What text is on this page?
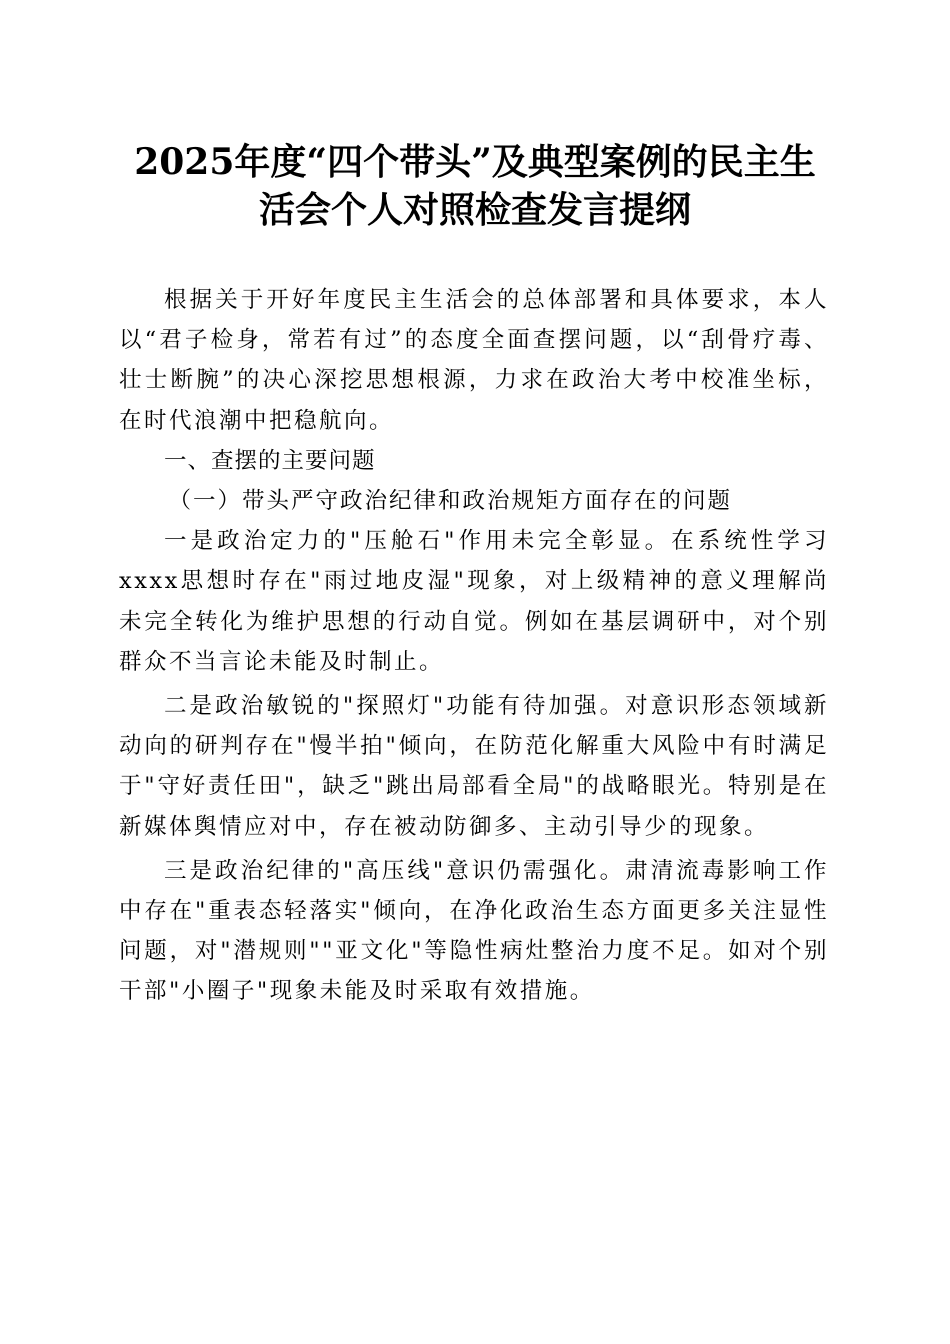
2025年度“四个带头”及典型案例的民主生
活会个人对照检查发言提纲

根据关于开好年度民主生活会的总体部署和具体要求，本人以“君子检身，常若有过”的态度全面查摆问题，以“刮骨疗毒、壮士断腕”的决心深挖思想根源，力求在政治大考中校准坐标，在时代浪潮中把稳航向。

一、查摆的主要问题

（一）带头严守政治纪律和政治规矩方面存在的问题

一是政治定力的"压舱石"作用未完全彰显。在系统性学习xxxx思想时存在"雨过地皮湿"现象，对上级精神的意义理解尚未完全转化为维护思想的行动自觉。例如在基层调研中，对个别群众不当言论未能及时制止。

二是政治敏锐的"探照灯"功能有待加强。对意识形态领域新动向的研判存在"慢半拍"倾向，在防范化解重大风险中有时满足于"守好责任田"，缺乏"跳出局部看全局"的战略眼光。特别是在新媒体舆情应对中，存在被动防御多、主动引导少的现象。

三是政治纪律的"高压线"意识仍需强化。肃清流毒影响工作中存在"重表态轻落实"倾向，在净化政治生态方面更多关注显性问题，对"潜规则""亚文化"等隐性病灶整治力度不足。如对个别干部"小圈子"现象未能及时采取有效措施。
